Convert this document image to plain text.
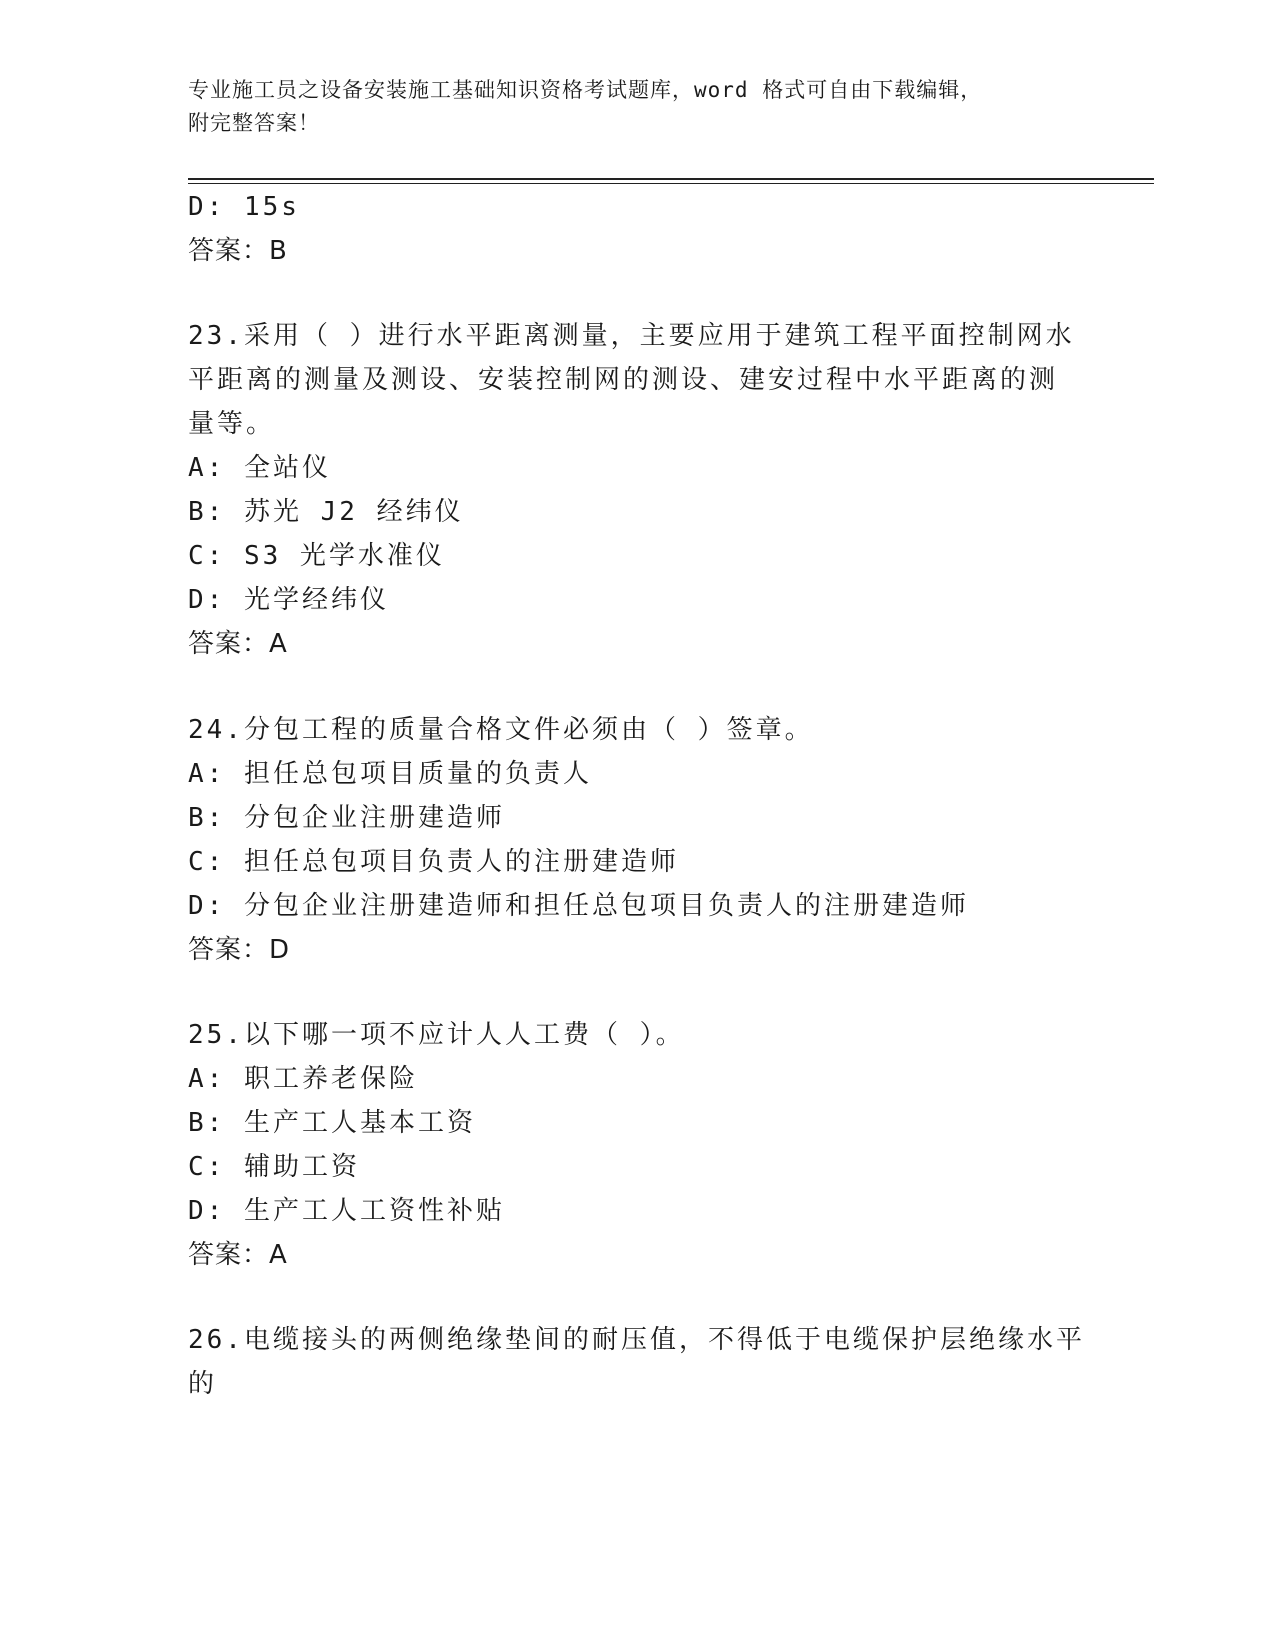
专业施工员之设备安装施工基础知识资格考试题库，word 格式可自由下载编辑，
附完整答案！
D: 15s
答案：B
23.采用（ ）进行水平距离测量，主要应用于建筑工程平面控制网水
平距离的测量及测设、安装控制网的测设、建安过程中水平距离的测
量等。
A: 全站仪
B: 苏光 J2 经纬仪
C: S3 光学水准仪
D: 光学经纬仪
答案：A
24.分包工程的质量合格文件必须由（ ）签章。
A: 担任总包项目质量的负责人
B: 分包企业注册建造师
C: 担任总包项目负责人的注册建造师
D: 分包企业注册建造师和担任总包项目负责人的注册建造师
答案：D
25.以下哪一项不应计人人工费（ ）。
A: 职工养老保险
B: 生产工人基本工资
C: 辅助工资
D: 生产工人工资性补贴
答案：A
26.电缆接头的两侧绝缘垫间的耐压值，不得低于电缆保护层绝缘水平
的
